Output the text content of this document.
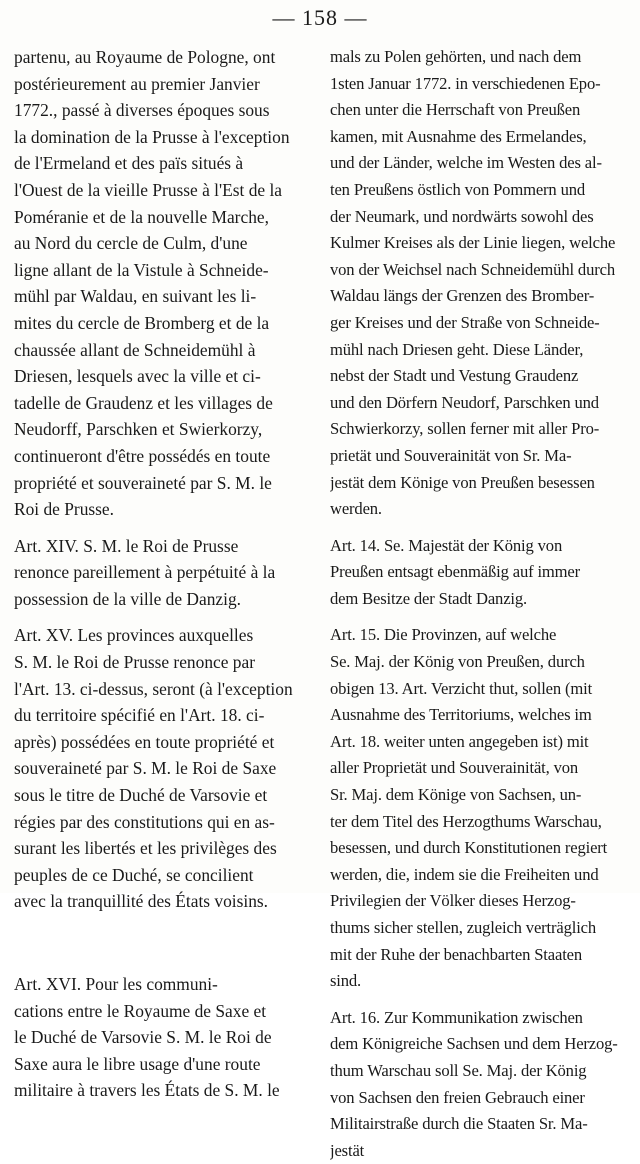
— 158 —
partenu, au Royaume de Pologne, ont
postérieurement au premier Janvier
1772., passé à diverses époques sous
la domination de la Prusse à l'exception
de l'Ermeland et des païs situés à
l'Ouest de la vieille Prusse à l'Est de la
Poméranie et de la nouvelle Marche,
au Nord du cercle de Culm, d'une
ligne allant de la Vistule à Schneide-
mühl par Waldau, en suivant les li-
mites du cercle de Bromberg et de la
chaussée allant de Schneidemühl à
Driesen, lesquels avec la ville et ci-
tadelle de Graudenz et les villages de
Neudorff, Parschken et Swierkorzy,
continueront d'être possédés en toute
propriété et souveraineté par S. M. le
Roi de Prusse.
Art. XIV. S. M. le Roi de Prusse
renonce pareillement à perpétuité à la
possession de la ville de Danzig.
Art. XV. Les provinces auxquelles
S. M. le Roi de Prusse renonce par
l'Art. 13. ci-dessus, seront (à l'exception
du territoire spécifié en l'Art. 18. ci-
après) possédées en toute propriété et
souveraineté par S. M. le Roi de Saxe
sous le titre de Duché de Varsovie et
régies par des constitutions qui en as-
surant les libertés et les privilèges des
peuples de ce Duché, se concilient
avec la tranquillité des États voisins.
Art. XVI. Pour les communi-
cations entre le Royaume de Saxe et
le Duché de Varsovie S. M. le Roi de
Saxe aura le libre usage d'une route
militaire à travers les États de S. M. le
mals zu Polen gehörten, und nach dem
1sten Januar 1772. in verschiedenen Epo-
chen unter die Herrschaft von Preußen
kamen, mit Ausnahme des Ermelandes,
und der Länder, welche im Westen des al-
ten Preußens östlich von Pommern und
der Neumark, und nordwärts sowohl des
Kulmer Kreises als der Linie liegen, welche
von der Weichsel nach Schneidemühl durch
Waldau längs der Grenzen des Bromber-
ger Kreises und der Straße von Schneide-
mühl nach Driesen geht. Diese Länder,
nebst der Stadt und Vestung Graudenz
und den Dörfern Neudorf, Parschken und
Schwierkorzy, sollen ferner mit aller Pro-
prietät und Souverainität von Sr. Ma-
jestät dem Könige von Preußen besessen
werden.
Art. 14. Se. Majestät der König von
Preußen entsagt ebenmäßig auf immer
dem Besitze der Stadt Danzig.
Art. 15. Die Provinzen, auf welche
Se. Maj. der König von Preußen, durch
obigen 13. Art. Verzicht thut, sollen (mit
Ausnahme des Territoriums, welches im
Art. 18. weiter unten angegeben ist) mit
aller Proprietät und Souverainität, von
Sr. Maj. dem Könige von Sachsen, un-
ter dem Titel des Herzogthums Warschau,
besessen, und durch Konstitutionen regiert
werden, die, indem sie die Freiheiten und
Privilegien der Völker dieses Herzog-
thums sicher stellen, zugleich verträglich
mit der Ruhe der benachbarten Staaten
sind.
Art. 16. Zur Kommunikation zwischen
dem Königreiche Sachsen und dem Herzog-
thum Warschau soll Se. Maj. der König
von Sachsen den freien Gebrauch einer
Militairstraße durch die Staaten Sr. Ma-
jestät
